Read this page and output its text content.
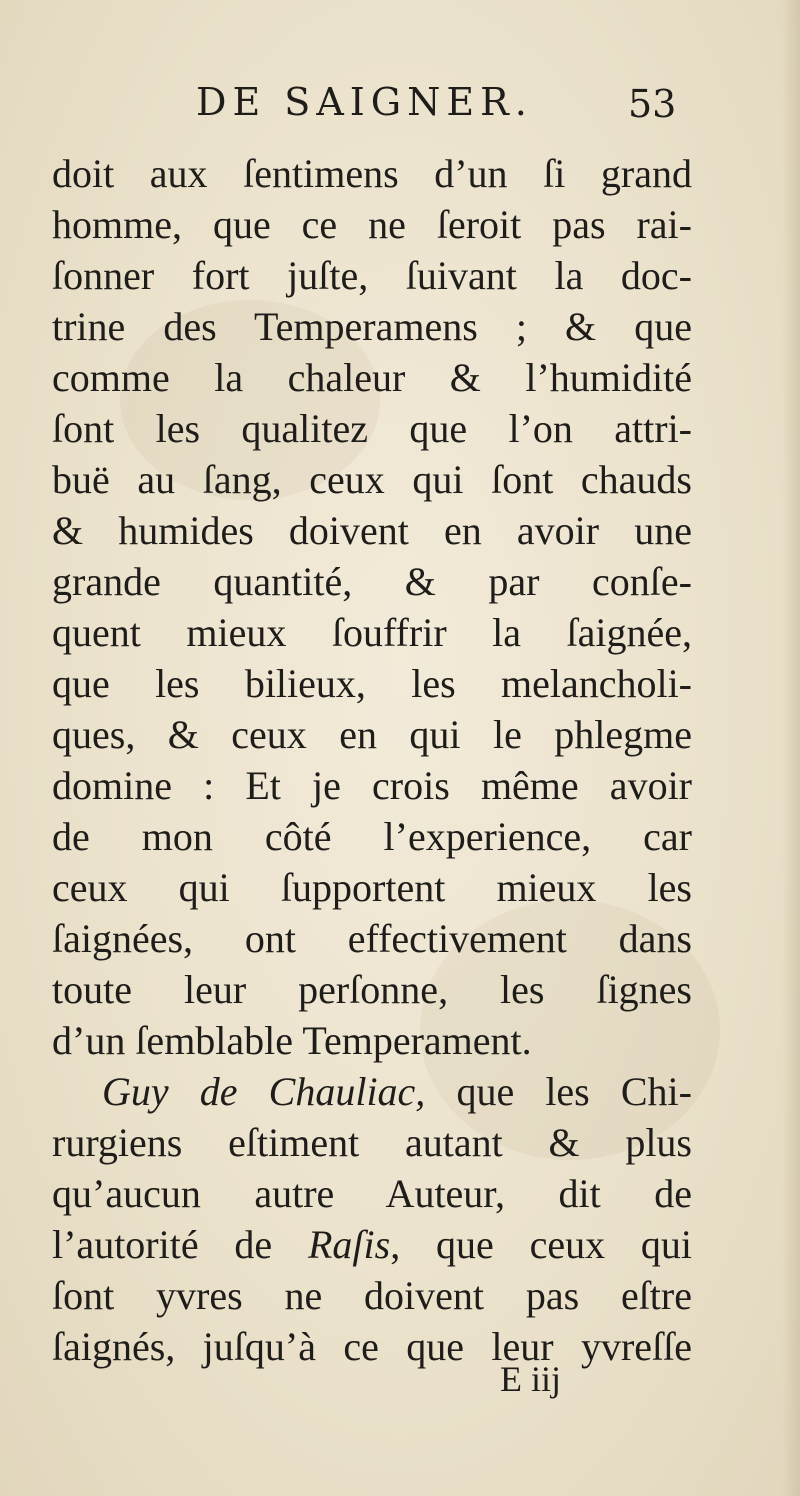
DE SAIGNER.	53
doit aux ſentimens d’un ſi grand
homme, que ce ne ſeroit pas rai-
ſonner fort juſte, ſuivant la doc-
trine des Temperamens ; & que
comme la chaleur & l’humidité
ſont les qualitez que l’on attri-
buë au ſang, ceux qui ſont chauds
& humides doivent en avoir une
grande quantité, & par conſe-
quent mieux ſouffrir la ſaignée,
que les bilieux, les melancholi-
ques, & ceux en qui le phlegme
domine : Et je crois même avoir
de mon côté l’experience, car
ceux qui ſupportent mieux les
ſaignées, ont effectivement dans
toute leur perſonne, les ſignes
d’un ſemblable Temperament.
Guy de Chauliac, que les Chi-
rurgiens eſtiment autant & plus
qu’aucun autre Auteur, dit de
l’autorité de Raſis, que ceux qui
ſont yvres ne doivent pas eſtre
ſaignés, juſqu’à ce que leur yvreſſe
E iij
